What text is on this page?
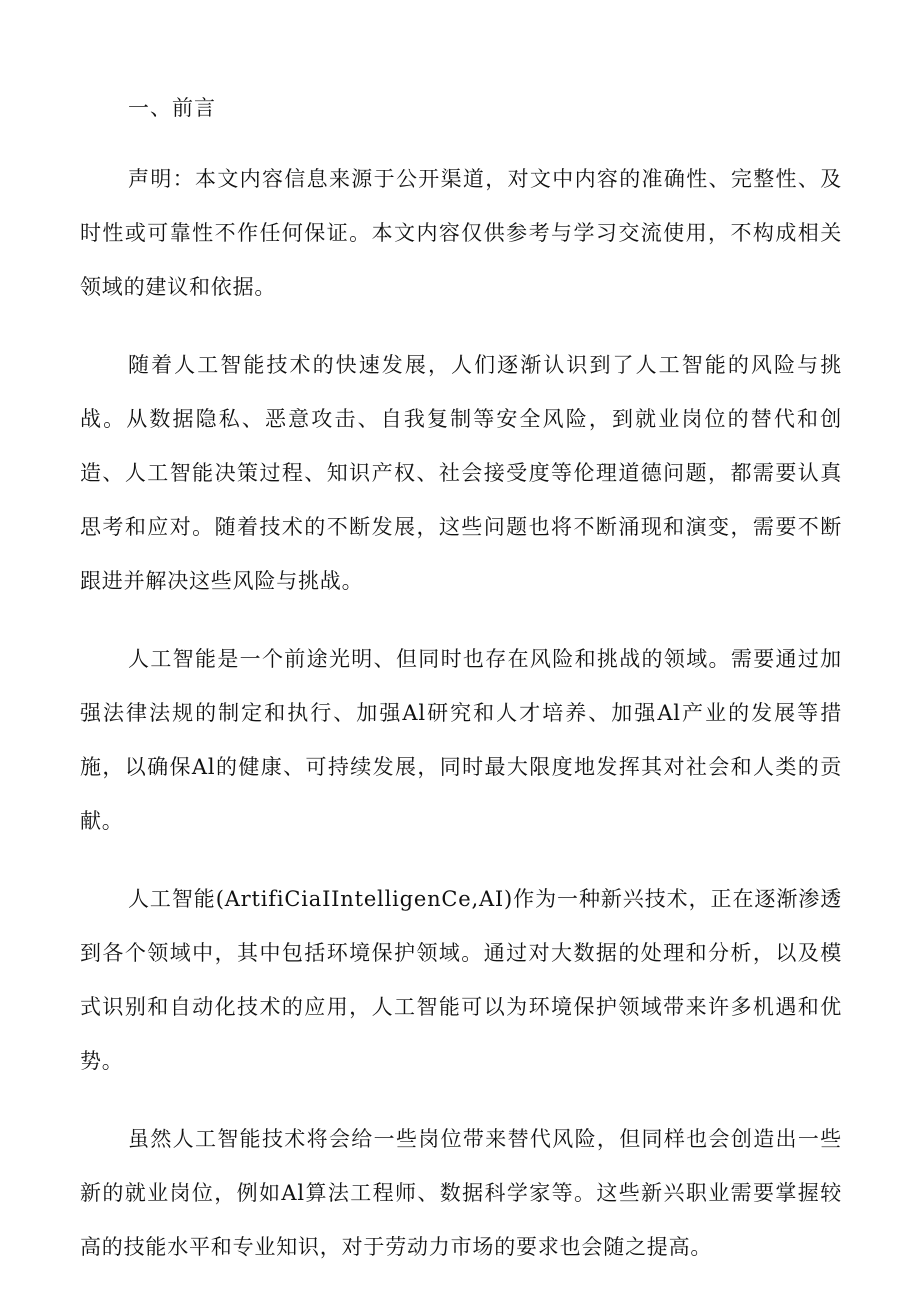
一、前言

声明：本文内容信息来源于公开渠道，对文中内容的准确性、完整性、及时性或可靠性不作任何保证。本文内容仅供参考与学习交流使用，不构成相关领域的建议和依据。

随着人工智能技术的快速发展，人们逐渐认识到了人工智能的风险与挑战。从数据隐私、恶意攻击、自我复制等安全风险，到就业岗位的替代和创造、人工智能决策过程、知识产权、社会接受度等伦理道德问题，都需要认真思考和应对。随着技术的不断发展，这些问题也将不断涌现和演变，需要不断跟进并解决这些风险与挑战。

人工智能是一个前途光明、但同时也存在风险和挑战的领域。需要通过加强法律法规的制定和执行、加强Al研究和人才培养、加强Al产业的发展等措施，以确保Al的健康、可持续发展，同时最大限度地发挥其对社会和人类的贡献。

人工智能(ArtifiCiaIIntelligenCe,AI)作为一种新兴技术，正在逐渐渗透到各个领域中，其中包括环境保护领域。通过对大数据的处理和分析，以及模式识别和自动化技术的应用，人工智能可以为环境保护领域带来许多机遇和优势。

虽然人工智能技术将会给一些岗位带来替代风险，但同样也会创造出一些新的就业岗位，例如Al算法工程师、数据科学家等。这些新兴职业需要掌握较高的技能水平和专业知识，对于劳动力市场的要求也会随之提高。
